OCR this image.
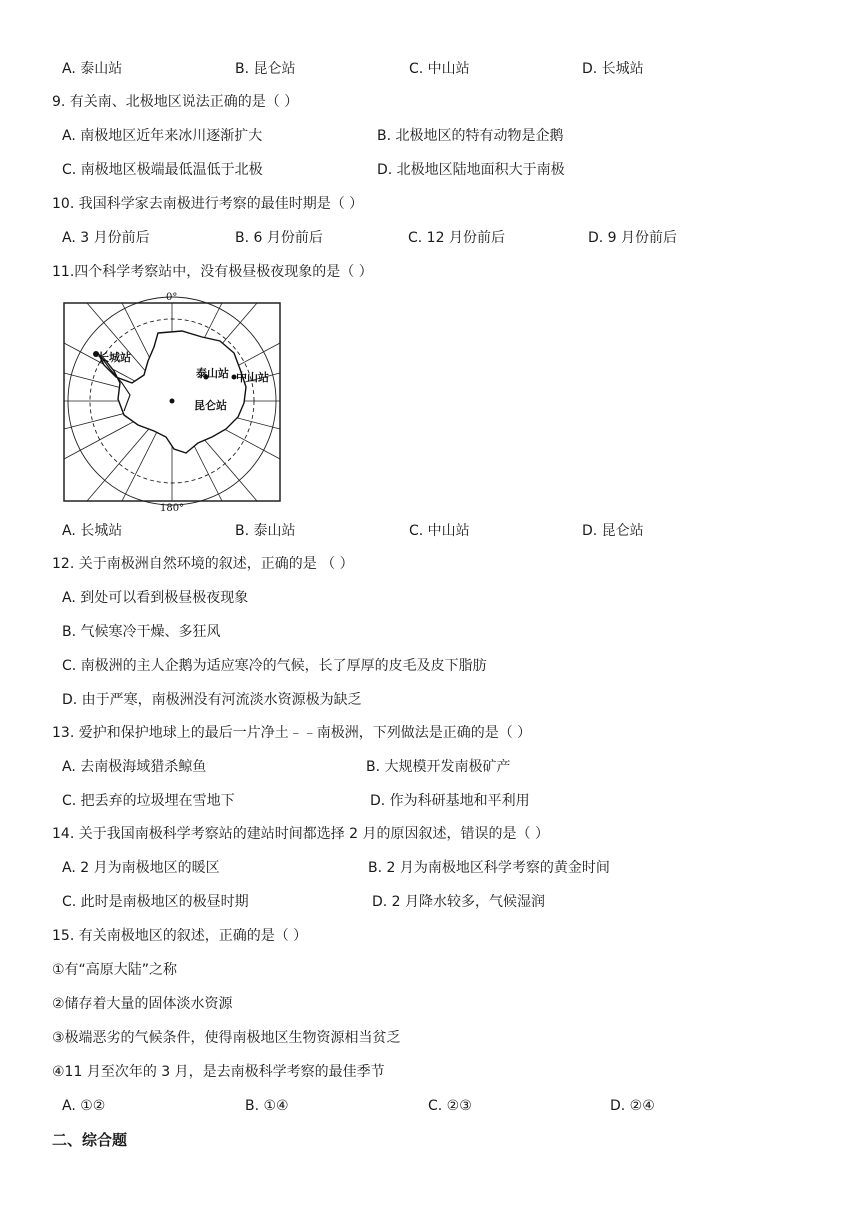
A. 泰山站	B. 昆仑站	C. 中山站	D. 长城站
9. 有关南、北极地区说法正确的是（ ）
A. 南极地区近年来冰川逐渐扩大	B. 北极地区的特有动物是企鹅
C. 南极地区极端最低温低于北极	D. 北极地区陆地面积大于南极
10. 我国科学家去南极进行考察的最佳时期是（ ）
A. 3 月份前后	B. 6 月份前后	C. 12 月份前后	D. 9 月份前后
11.四个科学考察站中，没有极昼极夜现象的是（ ）
0°
180°
长城站
泰山站 中山站
昆仑站
A. 长城站	B. 泰山站	C. 中山站	D. 昆仑站
12. 关于南极洲自然环境的叙述，正确的是 （ ）
A. 到处可以看到极昼极夜现象
B. 气候寒冷干燥、多狂风
C. 南极洲的主人企鹅为适应寒冷的气候，长了厚厚的皮毛及皮下脂肪
D. 由于严寒，南极洲没有河流淡水资源极为缺乏
13. 爱护和保护地球上的最后一片净土﹣﹣南极洲，下列做法是正确的是（ ）
A. 去南极海域猎杀鲸鱼	B. 大规模开发南极矿产
C. 把丢弃的垃圾埋在雪地下	D. 作为科研基地和平利用
14. 关于我国南极科学考察站的建站时间都选择 2 月的原因叙述，错误的是（ ）
A. 2 月为南极地区的暖区	B. 2 月为南极地区科学考察的黄金时间
C. 此时是南极地区的极昼时期	D. 2 月降水较多，气候湿润
15. 有关南极地区的叙述，正确的是（ ）
①有“高原大陆”之称
②储存着大量的固体淡水资源
③极端恶劣的气候条件，使得南极地区生物资源相当贫乏
④11 月至次年的 3 月，是去南极科学考察的最佳季节
A. ①②	B. ①④	C. ②③	D. ②④
二、综合题
